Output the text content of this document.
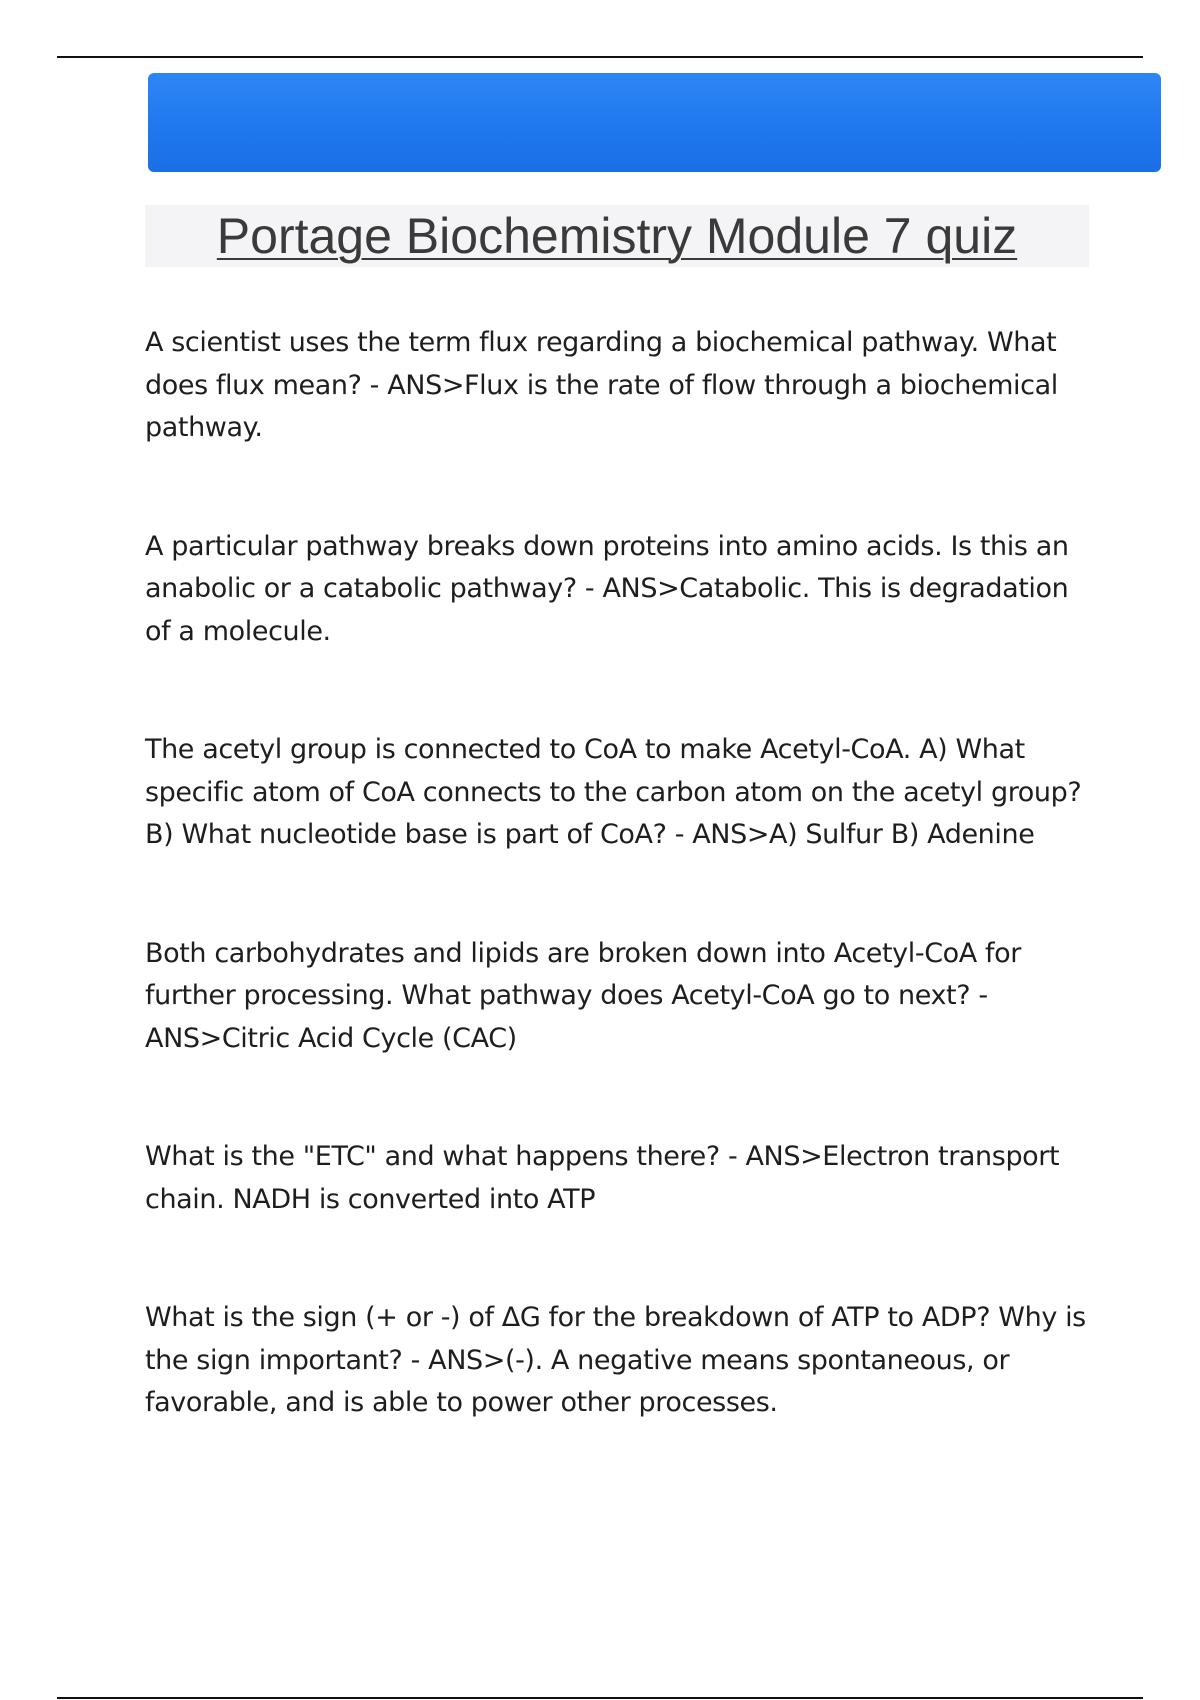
Portage Biochemistry Module 7 quiz

A scientist uses the term flux regarding a biochemical pathway. What does flux mean? - ANS>Flux is the rate of flow through a biochemical pathway.

A particular pathway breaks down proteins into amino acids. Is this an anabolic or a catabolic pathway? - ANS>Catabolic. This is degradation of a molecule.

The acetyl group is connected to CoA to make Acetyl-CoA. A) What specific atom of CoA connects to the carbon atom on the acetyl group? B) What nucleotide base is part of CoA? - ANS>A) Sulfur B) Adenine

Both carbohydrates and lipids are broken down into Acetyl-CoA for further processing. What pathway does Acetyl-CoA go to next? - ANS>Citric Acid Cycle (CAC)

What is the "ETC" and what happens there? - ANS>Electron transport chain. NADH is converted into ATP

What is the sign (+ or -) of ΔG for the breakdown of ATP to ADP? Why is the sign important? - ANS>(-). A negative means spontaneous, or favorable, and is able to power other processes.
